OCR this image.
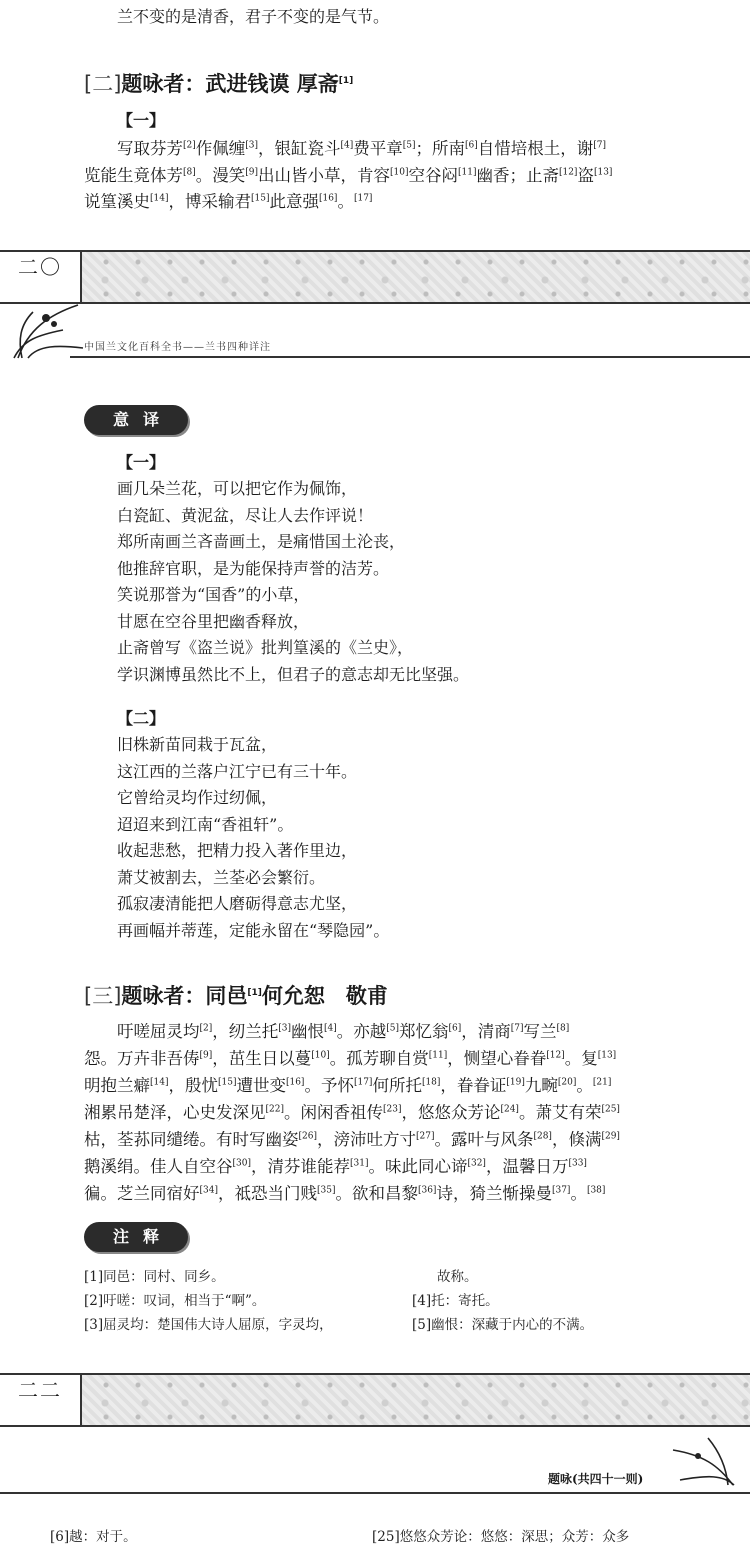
兰不变的是清香，君子不变的是气节。
[二]题咏者：武进钱谟 厚斋[1]
【一】
写取芬芳[2]作佩缠[3]，银缸瓷斗[4]费平章[5]；所南[6]自惜培根土，谢[7]
览能生竟体芳[8]。漫笑[9]出山皆小草，肯容[10]空谷闷[11]幽香；止斋[12]盗[13]
说篁溪史[14]，博采输君[15]此意强[16]。[17]
二〇
中国兰文化百科全书——兰书四种详注
意译
【一】
画几朵兰花，可以把它作为佩饰，
白瓷缸、黄泥盆，尽让人去作评说！
郑所南画兰吝啬画土，是痛惜国土沦丧，
他推辞官职，是为能保持声誉的洁芳。
笑说那誉为“国香”的小草，
甘愿在空谷里把幽香释放，
止斋曾写《盗兰说》批判篁溪的《兰史》，
学识渊博虽然比不上，但君子的意志却无比坚强。
【二】
旧株新苗同栽于瓦盆，
这江西的兰落户江宁已有三十年。
它曾给灵均作过纫佩，
迢迢来到江南“香祖轩”。
收起悲愁，把精力投入著作里边，
萧艾被割去，兰荃必会繁衍。
孤寂凄清能把人磨砺得意志尤坚，
再画幅并蒂莲，定能永留在“琴隐园”。
[三]题咏者：同邑[1]何允恕　敬甫
吁嗟屈灵均[2]，纫兰托[3]幽恨[4]。亦越[5]郑忆翁[6]，清商[7]写兰[8]
怨。万卉非吾俦[9]，茁生日以蔓[10]。孤芳聊自赏[11]，恻望心眷眷[12]。复[13]
明抱兰癖[14]，殷忧[15]遭世变[16]。予怀[17]何所托[18]，眷眷证[19]九畹[20]。[21]
湘累吊楚泽，心史发深见[22]。闲闲香祖传[23]，悠悠众芳论[24]。萧艾有荣[25]
枯，荃荪同缱绻。有时写幽姿[26]，滂沛吐方寸[27]。露叶与风条[28]，倏满[29]
鹅溪绢。佳人自空谷[30]，清芬谁能荐[31]。味此同心谛[32]，温馨日万[33]
徧。芝兰同宿好[34]，祗恐当门贱[35]。欲和昌黎[36]诗，猗兰惭操曼[37]。[38]
注释
[1]同邑：同村、同乡。
[2]吁嗟：叹词，相当于“啊”。
[3]屈灵均：楚国伟大诗人屈原，字灵均，
故称。
[4]托：寄托。
[5]幽恨：深藏于内心的不满。
二二
题咏(共四十一则)
[6]越：对于。	[25]悠悠众芳论：悠悠：深思；众芳：众多
